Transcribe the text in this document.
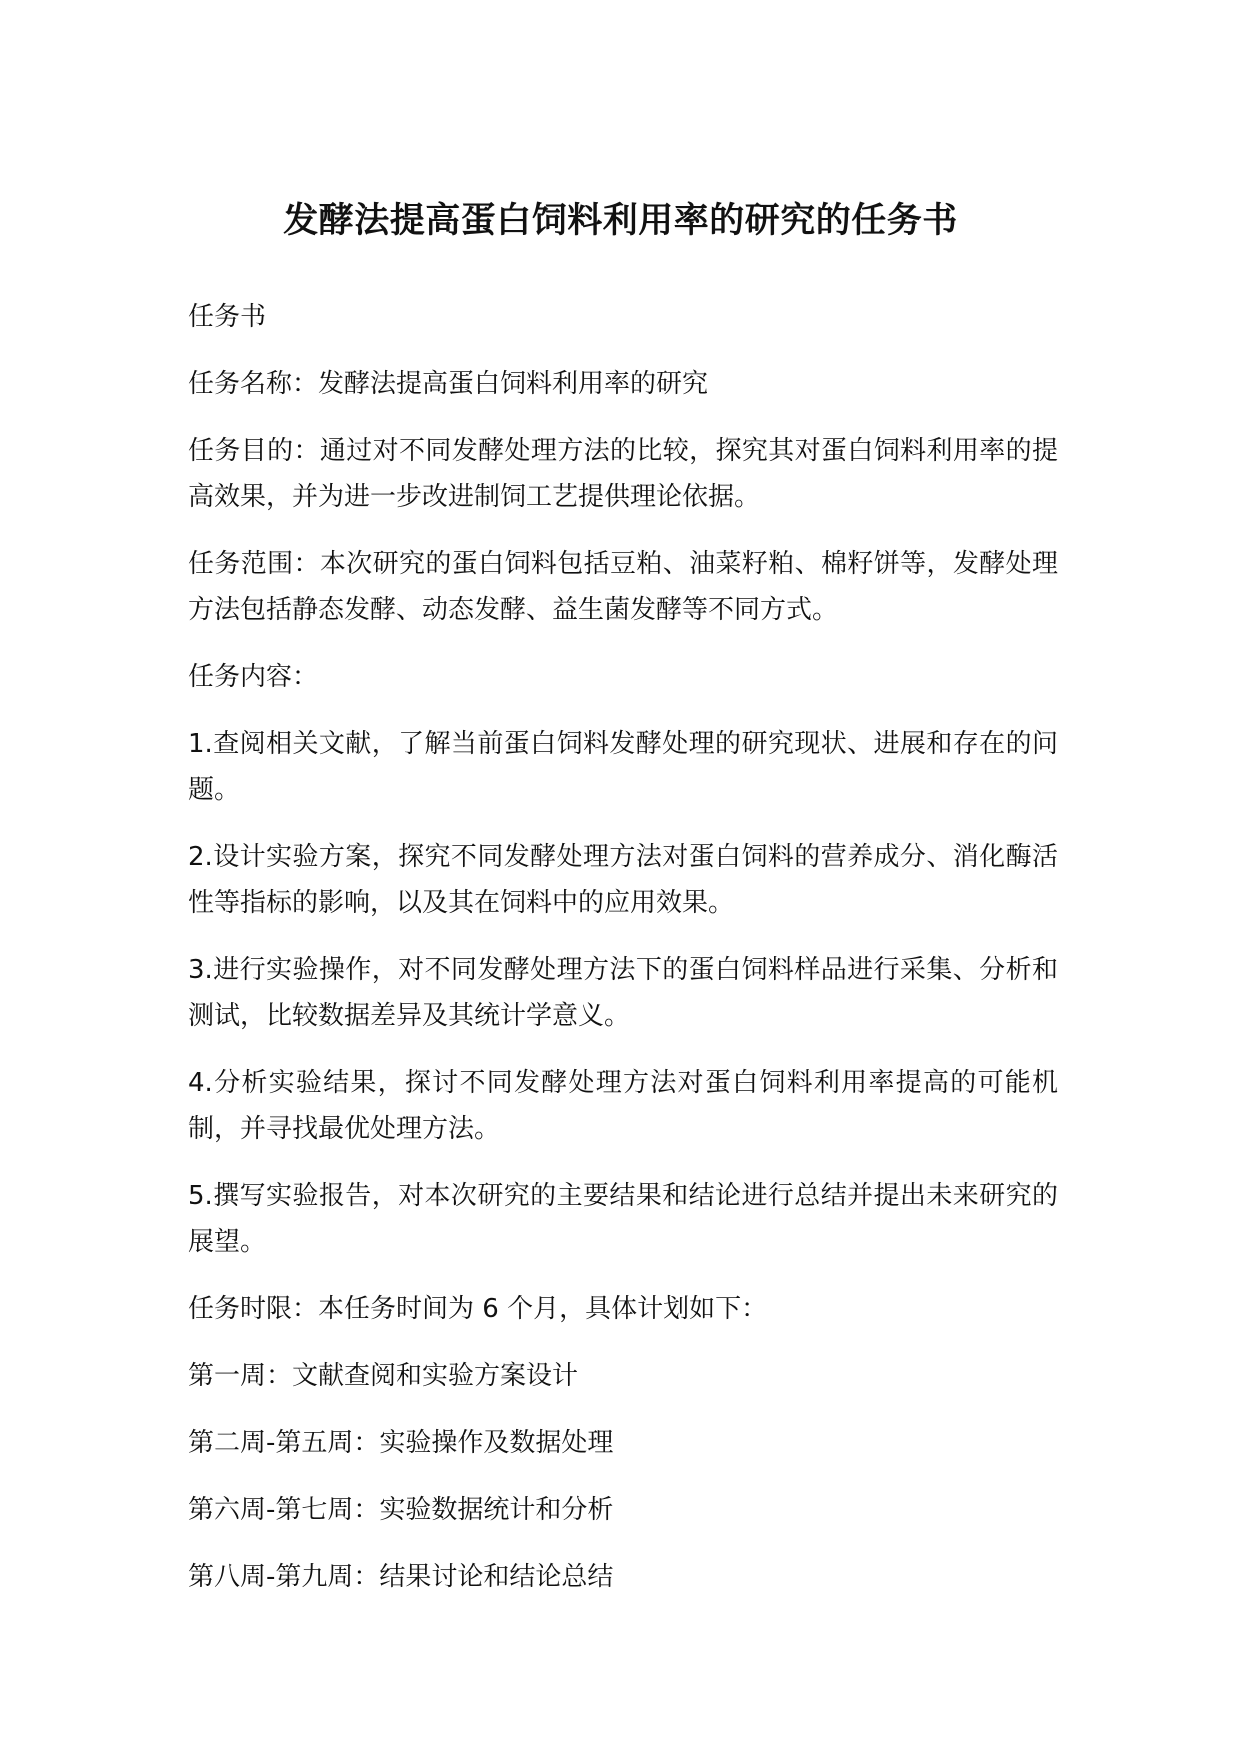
发酵法提高蛋白饲料利用率的研究的任务书

任务书

任务名称：发酵法提高蛋白饲料利用率的研究

任务目的：通过对不同发酵处理方法的比较，探究其对蛋白饲料利用率的提高效果，并为进一步改进制饲工艺提供理论依据。

任务范围：本次研究的蛋白饲料包括豆粕、油菜籽粕、棉籽饼等，发酵处理方法包括静态发酵、动态发酵、益生菌发酵等不同方式。

任务内容：

1.查阅相关文献，了解当前蛋白饲料发酵处理的研究现状、进展和存在的问题。

2.设计实验方案，探究不同发酵处理方法对蛋白饲料的营养成分、消化酶活性等指标的影响，以及其在饲料中的应用效果。

3.进行实验操作，对不同发酵处理方法下的蛋白饲料样品进行采集、分析和测试，比较数据差异及其统计学意义。

4.分析实验结果，探讨不同发酵处理方法对蛋白饲料利用率提高的可能机制，并寻找最优处理方法。

5.撰写实验报告，对本次研究的主要结果和结论进行总结并提出未来研究的展望。

任务时限：本任务时间为 6 个月，具体计划如下：

第一周：文献查阅和实验方案设计

第二周-第五周：实验操作及数据处理

第六周-第七周：实验数据统计和分析

第八周-第九周：结果讨论和结论总结
